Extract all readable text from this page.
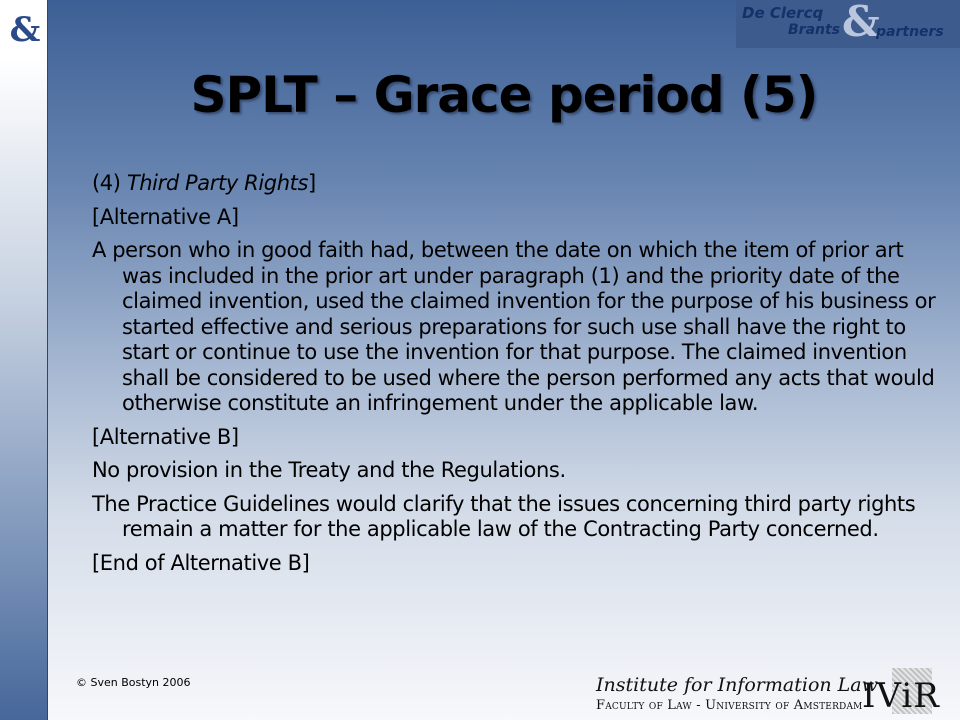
&	De Clercq
Brants &
partners
SPLT – Grace period (5)

(4) Third Party Rights]

[Alternative A]

A person who in good faith had, between the date on which the item of prior art was included in the prior art under paragraph (1) and the priority date of the claimed invention, used the claimed invention for the purpose of his business or started effective and serious preparations for such use shall have the right to start or continue to use the invention for that purpose. The claimed invention shall be considered to be used where the person performed any acts that would otherwise constitute an infringement under the applicable law.

[Alternative B]

No provision in the Treaty and the Regulations.

The Practice Guidelines would clarify that the issues concerning third party rights remain a matter for the applicable law of the Contracting Party concerned.

[End of Alternative B]

© Sven Bostyn 2006	Institute for Information Law
Faculty of Law - University of Amsterdam IViR
